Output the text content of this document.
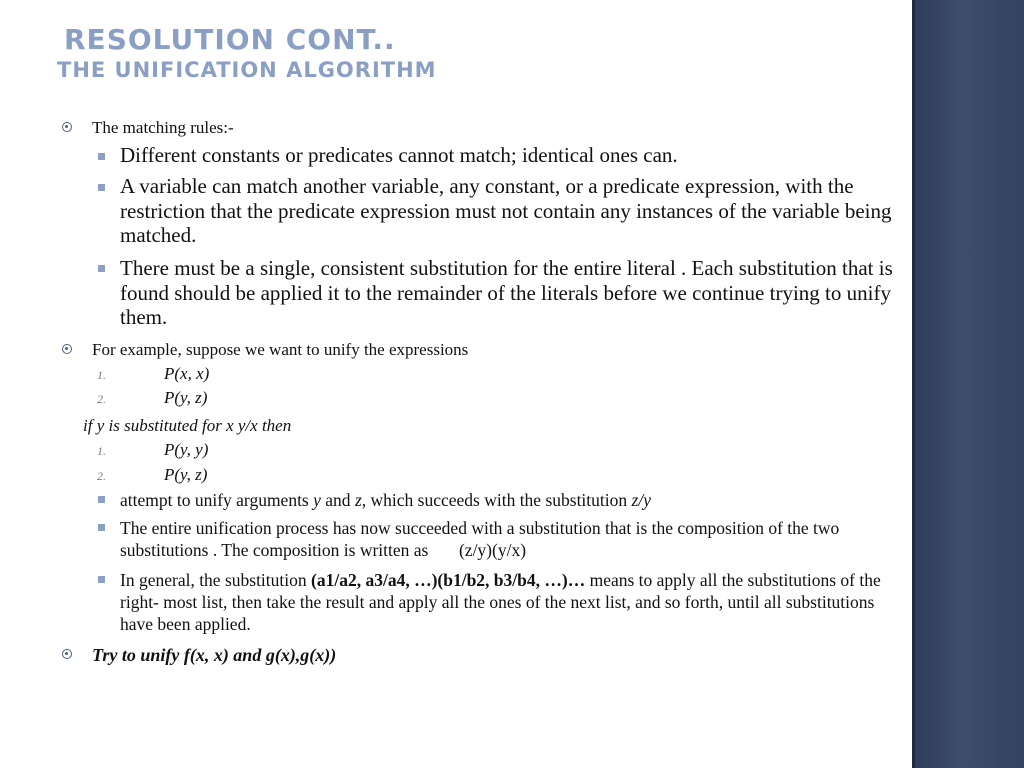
RESOLUTION CONT..
THE UNIFICATION ALGORITHM
The matching rules:-
Different constants or predicates cannot match; identical ones can.
A variable can match another variable, any constant, or a predicate expression, with the restriction that the predicate expression must not contain any instances of the variable being matched.
There must be a single, consistent substitution for the entire literal . Each substitution that is found should be applied it to the remainder of the literals before we continue trying to unify them.
For example, suppose we want to unify the expressions
1.	P(x, x)
2.	P(y, z)
if y is substituted for x y/x then
1.	P(y, y)
2.	P(y, z)
attempt to unify arguments y and z, which succeeds with the substitution z/y
The entire unification process has now succeeded with a substitution that is the composition of the two substitutions . The composition is written as       (z/y)(y/x)
In general, the substitution (a1/a2, a3/a4, …)(b1/b2, b3/b4, …)… means to apply all the substitutions of the right- most list, then take the result and apply all the ones of the next list, and so forth, until all substitutions have been applied.
Try to unify f(x, x) and g(x),g(x))
